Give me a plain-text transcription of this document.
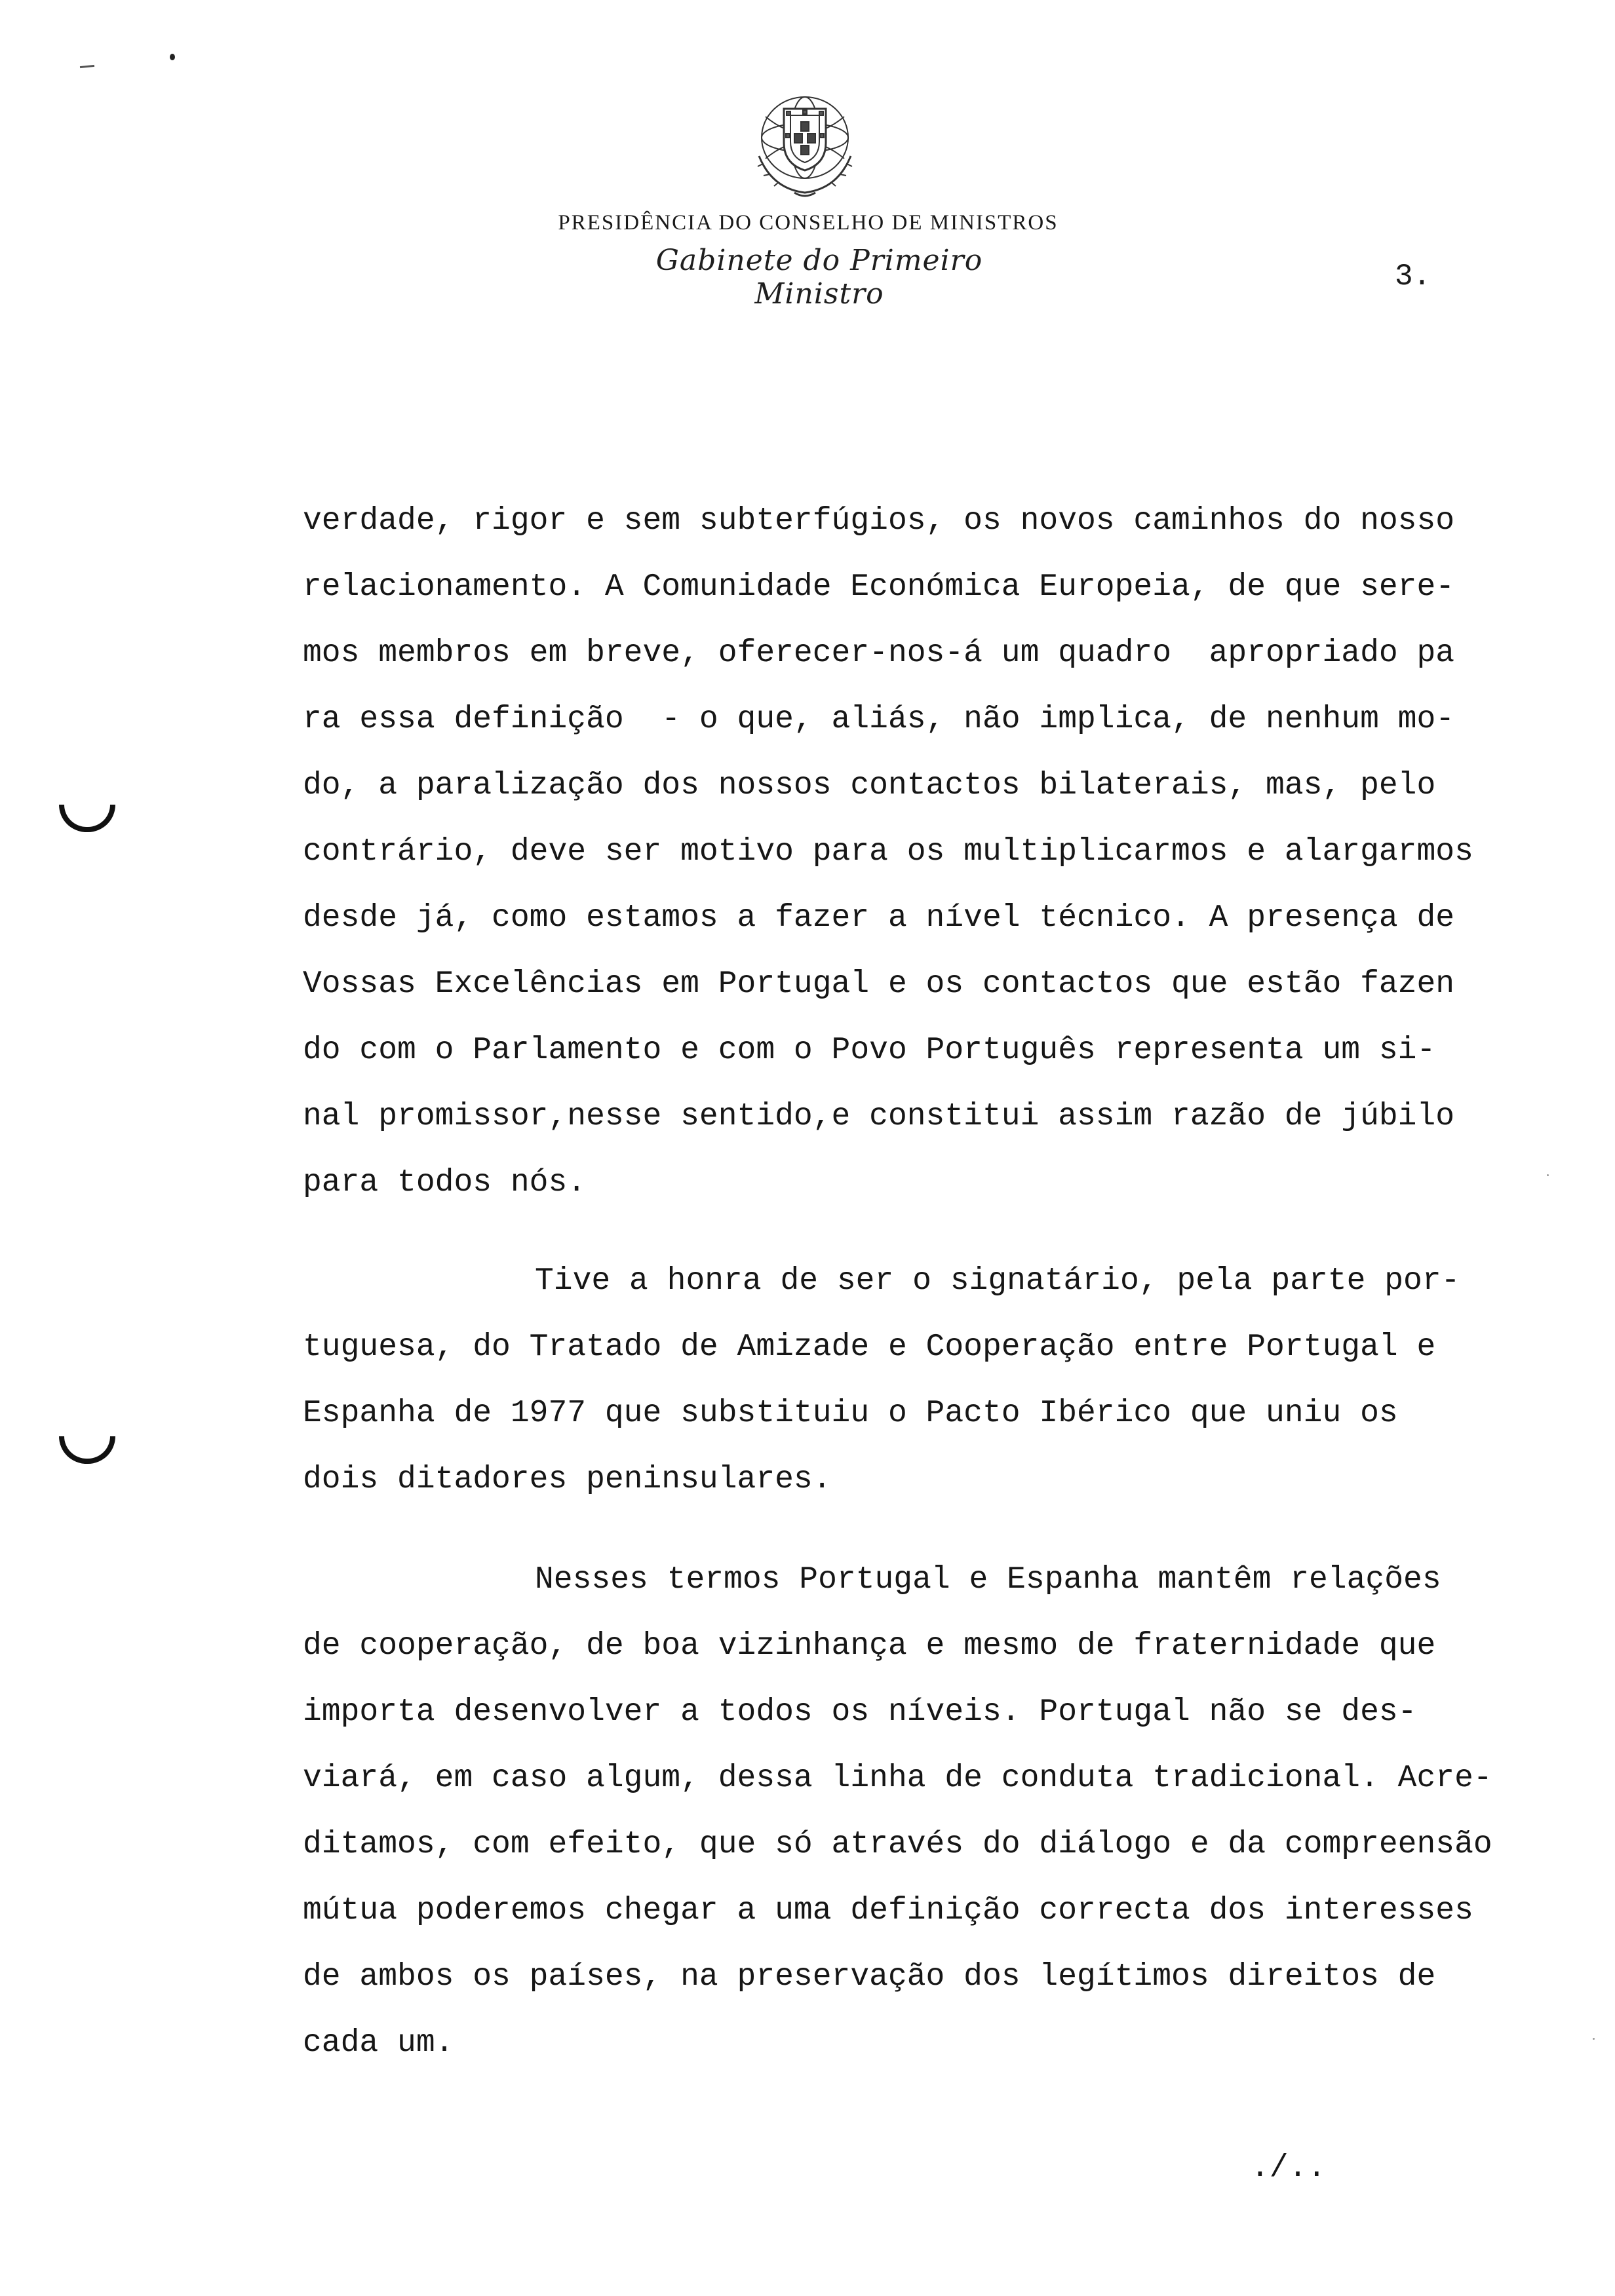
PRESIDÊNCIA DO CONSELHO DE MINISTROS
Gabinete do Primeiro Ministro
3.

verdade, rigor e sem subterfúgios, os novos caminhos do nosso

relacionamento. A Comunidade Económica Europeia, de que sere-

mos membros em breve, oferecer-nos-á um quadro  apropriado pa

ra essa definição  - o que, aliás, não implica, de nenhum mo-

do, a paralização dos nossos contactos bilaterais, mas, pelo

contrário, deve ser motivo para os multiplicarmos e alargarmos

desde já, como estamos a fazer a nível técnico. A presença de

Vossas Excelências em Portugal e os contactos que estão fazen

do com o Parlamento e com o Povo Português representa um si-

nal promissor,nesse sentido,e constitui assim razão de júbilo

para todos nós.

Tive a honra de ser o signatário, pela parte por-

tuguesa, do Tratado de Amizade e Cooperação entre Portugal e

Espanha de 1977 que substituiu o Pacto Ibérico que uniu os

dois ditadores peninsulares.

Nesses termos Portugal e Espanha mantêm relações

de cooperação, de boa vizinhança e mesmo de fraternidade que

importa desenvolver a todos os níveis. Portugal não se des-

viará, em caso algum, dessa linha de conduta tradicional. Acre-

ditamos, com efeito, que só através do diálogo e da compreensão

mútua poderemos chegar a uma definição correcta dos interesses

de ambos os países, na preservação dos legítimos direitos de

cada um.

./..
